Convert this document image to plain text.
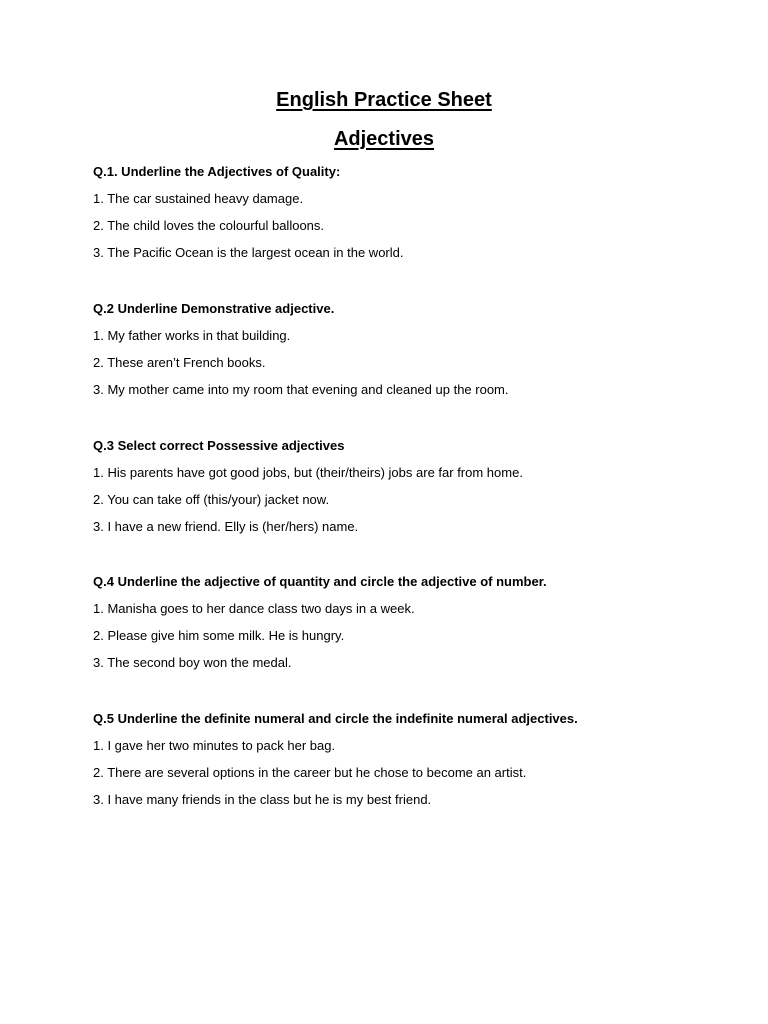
English Practice Sheet
Adjectives

Q.1. Underline the Adjectives of Quality:

1. The car sustained heavy damage.

2. The child loves the colourful balloons.

3. The Pacific Ocean is the largest ocean in the world.

Q.2 Underline Demonstrative adjective.

1. My father works in that building.

2. These aren’t French books.

3. My mother came into my room that evening and cleaned up the room.

Q.3 Select correct Possessive adjectives

1. His parents have got good jobs, but (their/theirs) jobs are far from home.

2. You can take off (this/your) jacket now.

3. I have a new friend. Elly is (her/hers) name.

Q.4 Underline the adjective of quantity and circle the adjective of number.

1. Manisha goes to her dance class two days in a week.

2. Please give him some milk. He is hungry.

3. The second boy won the medal.

Q.5 Underline the definite numeral and circle the indefinite numeral adjectives.

1. I gave her two minutes to pack her bag.

2. There are several options in the career but he chose to become an artist.

3. I have many friends in the class but he is my best friend.
